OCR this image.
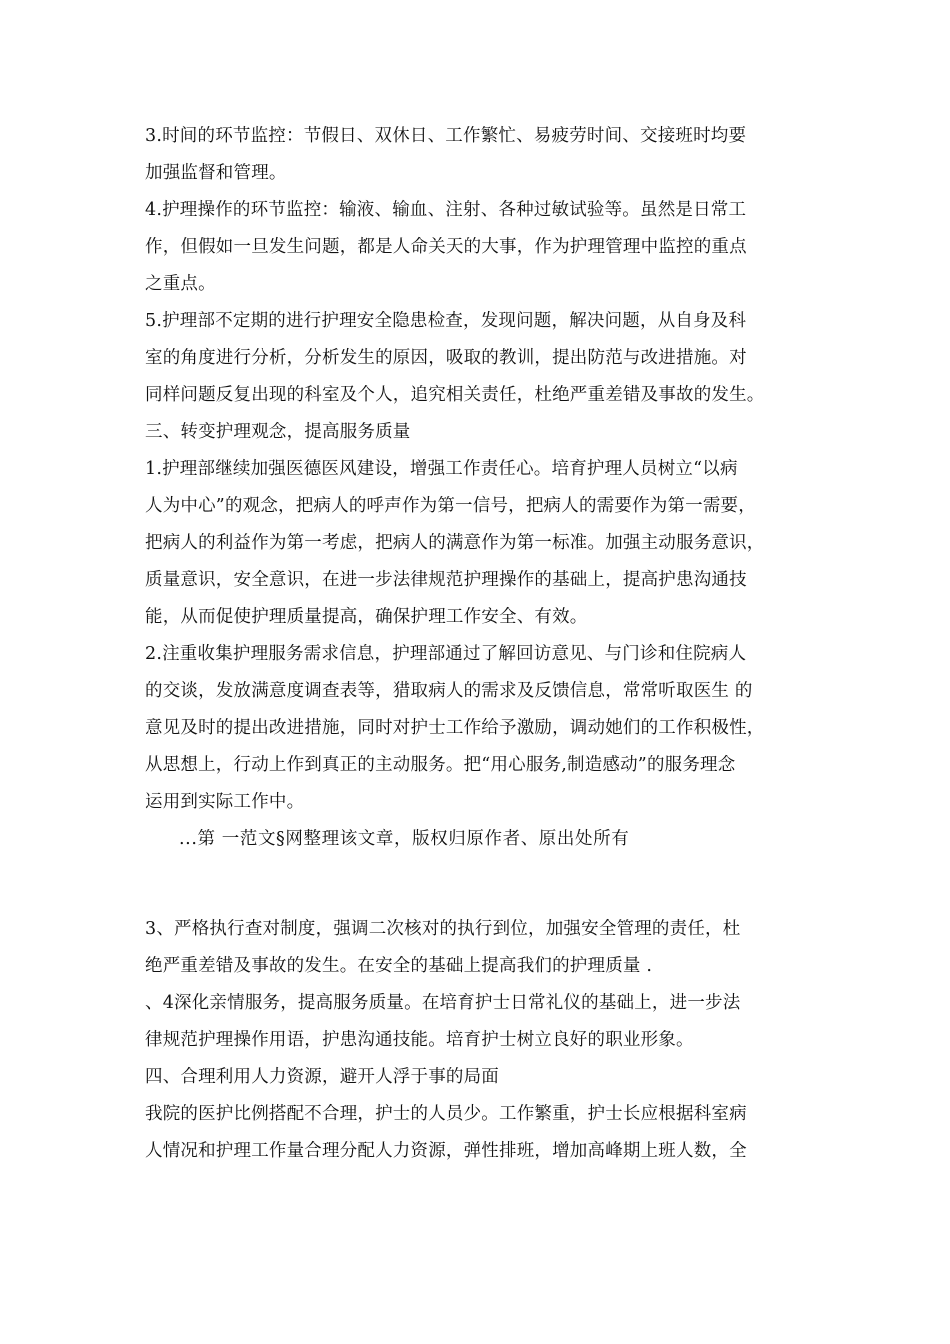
3.时间的环节监控：节假日、双休日、工作繁忙、易疲劳时间、交接班时均要
加强监督和管理。
4.护理操作的环节监控：输液、输血、注射、各种过敏试验等。虽然是日常工
作，但假如一旦发生问题，都是人命关天的大事，作为护理管理中监控的重点
之重点。
5.护理部不定期的进行护理安全隐患检查，发现问题，解决问题，从自身及科
室的角度进行分析，分析发生的原因，吸取的教训，提出防范与改进措施。对
同样问题反复出现的科室及个人，追究相关责任，杜绝严重差错及事故的发生。
三、转变护理观念，提高服务质量
1.护理部继续加强医德医风建设，增强工作责任心。培育护理人员树立“以病
人为中心”的观念，把病人的呼声作为第一信号，把病人的需要作为第一需要，
把病人的利益作为第一考虑，把病人的满意作为第一标准。加强主动服务意识，
质量意识，安全意识，在进一步法律规范护理操作的基础上，提高护患沟通技
能，从而促使护理质量提高，确保护理工作安全、有效。
2.注重收集护理服务需求信息，护理部通过了解回访意见、与门诊和住院病人
的交谈，发放满意度调查表等，猎取病人的需求及反馈信息，常常听取医生 的
意见及时的提出改进措施，同时对护士工作给予激励，调动她们的工作积极性，
从思想上，行动上作到真正的主动服务。把“用心服务,制造感动”的服务理念
运用到实际工作中。
...第 一范文§网整理该文章，版权归原作者、原出处所有
3、严格执行查对制度，强调二次核对的执行到位，加强安全管理的责任，杜
绝严重差错及事故的发生。在安全的基础上提高我们的护理质量 .
、4深化亲情服务，提高服务质量。在培育护士日常礼仪的基础上，进一步法
律规范护理操作用语，护患沟通技能。培育护士树立良好的职业形象。
四、合理利用人力资源，避开人浮于事的局面
我院的医护比例搭配不合理，护士的人员少。工作繁重，护士长应根据科室病
人情况和护理工作量合理分配人力资源，弹性排班，增加高峰期上班人数，全
